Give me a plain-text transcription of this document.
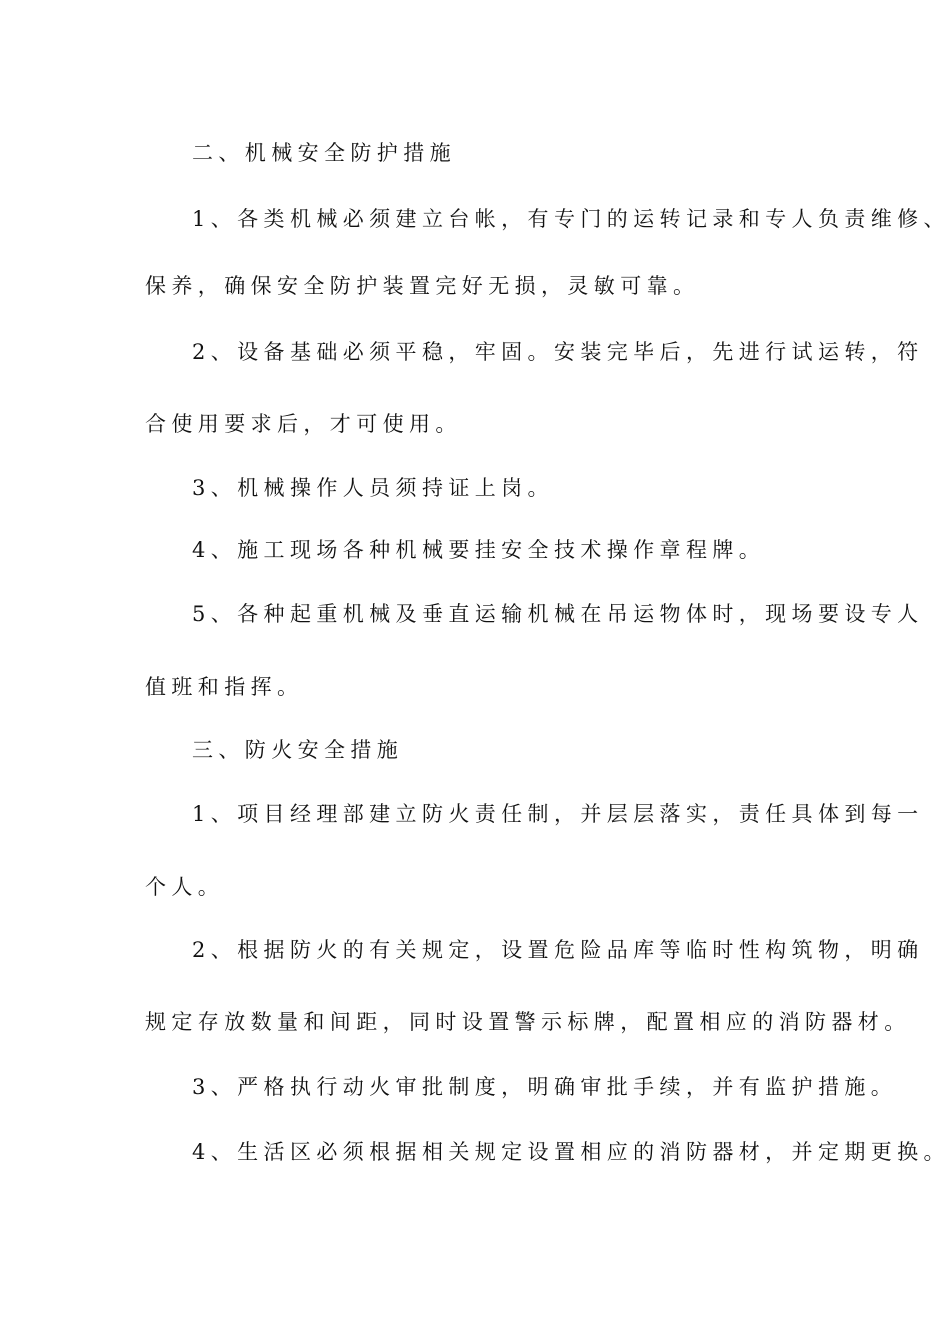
二、机械安全防护措施
1、各类机械必须建立台帐，有专门的运转记录和专人负责维修、
保养，确保安全防护装置完好无损，灵敏可靠。
2、设备基础必须平稳，牢固。安装完毕后，先进行试运转，符
合使用要求后，才可使用。
3、机械操作人员须持证上岗。
4、施工现场各种机械要挂安全技术操作章程牌。
5、各种起重机械及垂直运输机械在吊运物体时，现场要设专人
值班和指挥。
三、防火安全措施
1、项目经理部建立防火责任制，并层层落实，责任具体到每一
个人。
2、根据防火的有关规定，设置危险品库等临时性构筑物，明确
规定存放数量和间距，同时设置警示标牌，配置相应的消防器材。
3、严格执行动火审批制度，明确审批手续，并有监护措施。
4、生活区必须根据相关规定设置相应的消防器材，并定期更换。
